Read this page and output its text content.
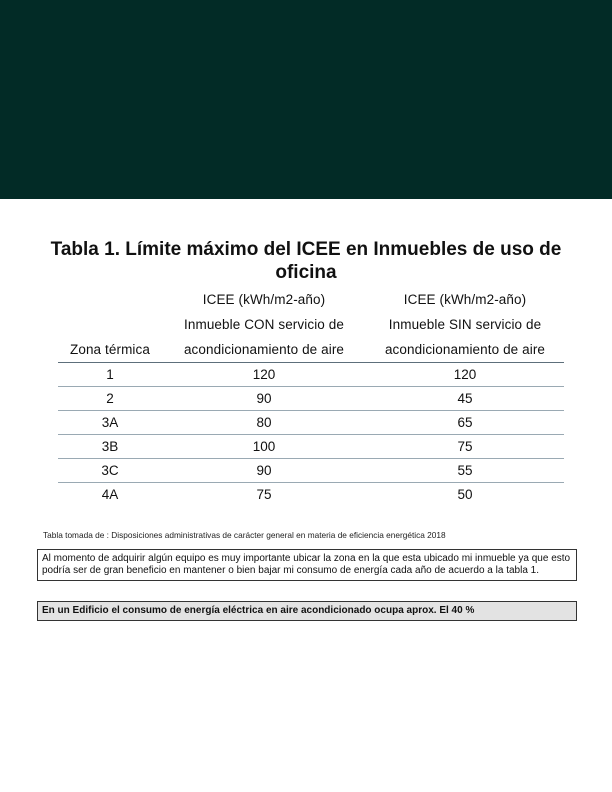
Tabla 1. Límite máximo del ICEE en Inmuebles de uso de oficina
	ICEE (kWh/m2-año)	ICEE (kWh/m2-año)
	Inmueble CON servicio de	Inmueble SIN servicio de
Zona térmica	acondicionamiento de aire	acondicionamiento de aire
1	120	120
2	90	45
3A	80	65
3B	100	75
3C	90	55
4A	75	50
Tabla tomada de : Disposiciones administrativas de carácter general en materia de eficiencia energética 2018
Al momento de adquirir algún equipo es muy importante ubicar la zona en la que esta ubicado mi inmueble ya que esto podría ser de gran beneficio en mantener o bien bajar mi consumo de energía cada año de acuerdo a la tabla 1.
En un Edificio el consumo de energía eléctrica en aire acondicionado ocupa aprox. El 40 %
